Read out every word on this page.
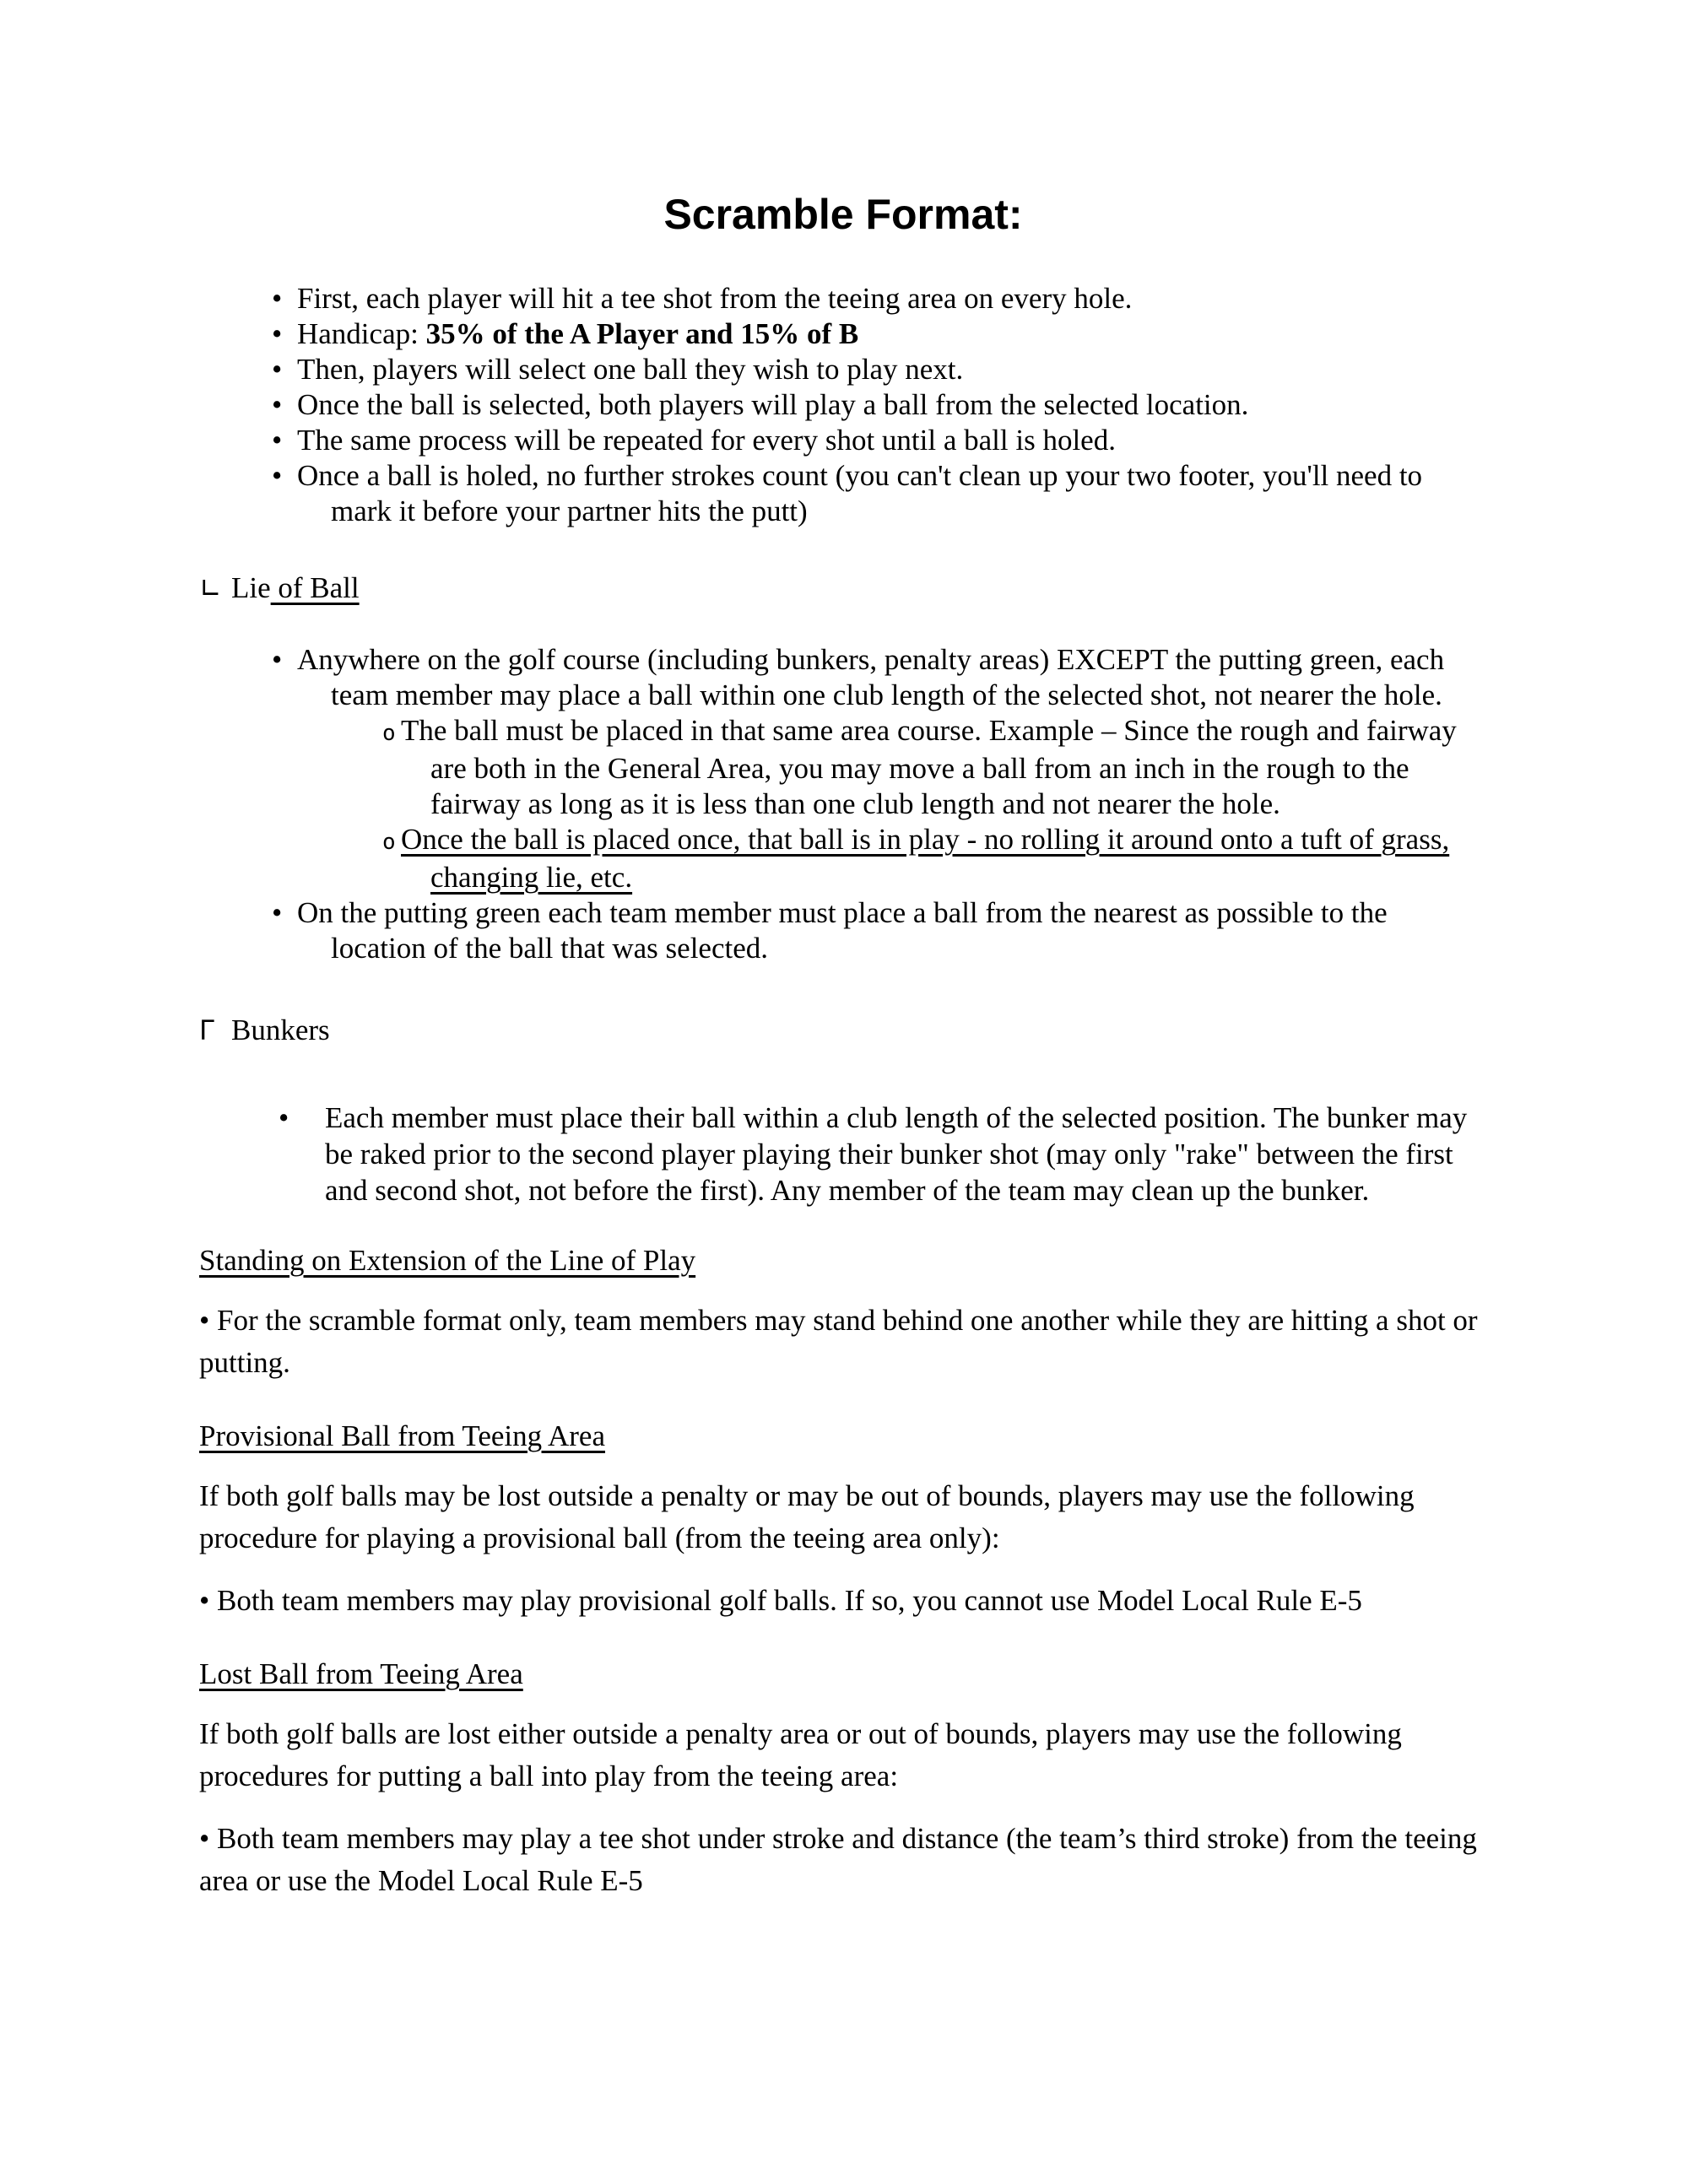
Scramble Format:
• First, each player will hit a tee shot from the teeing area on every hole.
• Handicap: 35% of the A Player and 15% of B
• Then, players will select one ball they wish to play next.
• Once the ball is selected, both players will play a ball from the selected location.
• The same process will be repeated for every shot until a ball is holed.
• Once a ball is holed, no further strokes count (you can't clean up your two footer, you'll need to mark it before your partner hits the putt)
∟ Lie of Ball
• Anywhere on the golf course (including bunkers, penalty areas) EXCEPT the putting green, each team member may place a ball within one club length of the selected shot, not nearer the hole.
o The ball must be placed in that same area course. Example – Since the rough and fairway are both in the General Area, you may move a ball from an inch in the rough to the fairway as long as it is less than one club length and not nearer the hole.
o Once the ball is placed once, that ball is in play - no rolling it around onto a tuft of grass, changing lie, etc.
• On the putting green each team member must place a ball from the nearest as possible to the location of the ball that was selected.
Γ Bunkers
• Each member must place their ball within a club length of the selected position. The bunker may be raked prior to the second player playing their bunker shot (may only "rake" between the first and second shot, not before the first). Any member of the team may clean up the bunker.
Standing on Extension of the Line of Play

• For the scramble format only, team members may stand behind one another while they are hitting a shot or putting.

Provisional Ball from Teeing Area

If both golf balls may be lost outside a penalty or may be out of bounds, players may use the following procedure for playing a provisional ball (from the teeing area only):

• Both team members may play provisional golf balls. If so, you cannot use Model Local Rule E-5

Lost Ball from Teeing Area

If both golf balls are lost either outside a penalty area or out of bounds, players may use the following procedures for putting a ball into play from the teeing area:

• Both team members may play a tee shot under stroke and distance (the team’s third stroke) from the teeing area or use the Model Local Rule E-5
